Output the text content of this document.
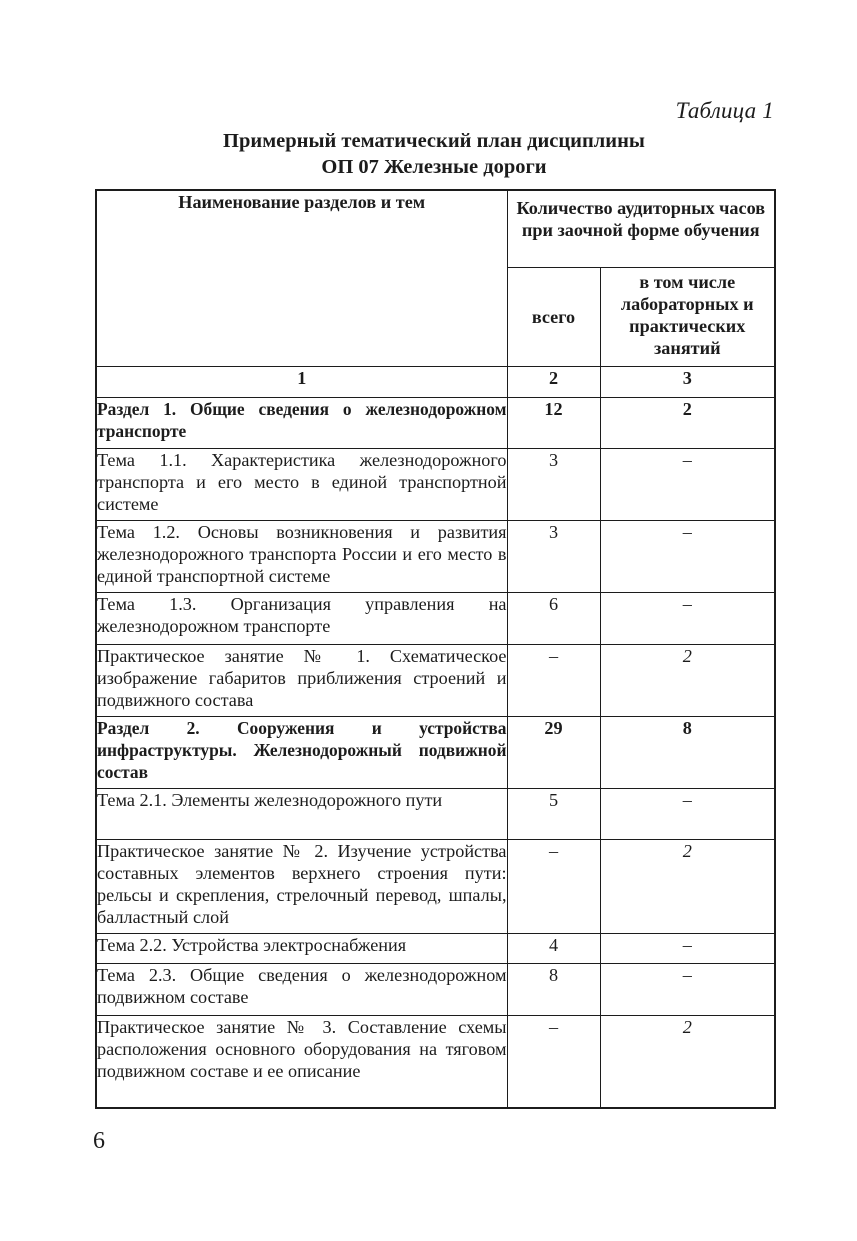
Таблица 1
Примерный тематический план дисциплины
ОП 07 Железные дороги
Наименование разделов и тем	Количество аудиторных часов при заочной форме обучения	
	всего	в том числе лабораторных и практических занятий
1	2	3

Раздел 1. Общие сведения о железнодорожном транспорте	12	2

Тема 1.1. Характеристика железнодорожного транспорта и его место в единой транспортной системе	3	–

Тема 1.2. Основы возникновения и развития железнодорожного транспорта России и его место в единой транспортной системе	3	–

Тема 1.3. Организация управления на железнодорожном транспорте	6	–

Практическое занятие № 1. Схематическое изображение габаритов приближения строений и подвижного состава	–	2

Раздел 2. Сооружения и устройства инфраструктуры. Железнодорожный подвижной состав	29	8

Тема 2.1. Элементы железнодорожного пути	5	–

Практическое занятие № 2. Изучение устройства составных элементов верхнего строения пути: рельсы и скрепления, стрелочный перевод, шпалы, балластный слой	–	2

Тема 2.2. Устройства электроснабжения	4	–

Тема 2.3. Общие сведения о железнодорожном подвижном составе	8	–

Практическое занятие № 3. Составление схемы расположения основного оборудования на тяговом подвижном составе и ее описание	–	2
6
